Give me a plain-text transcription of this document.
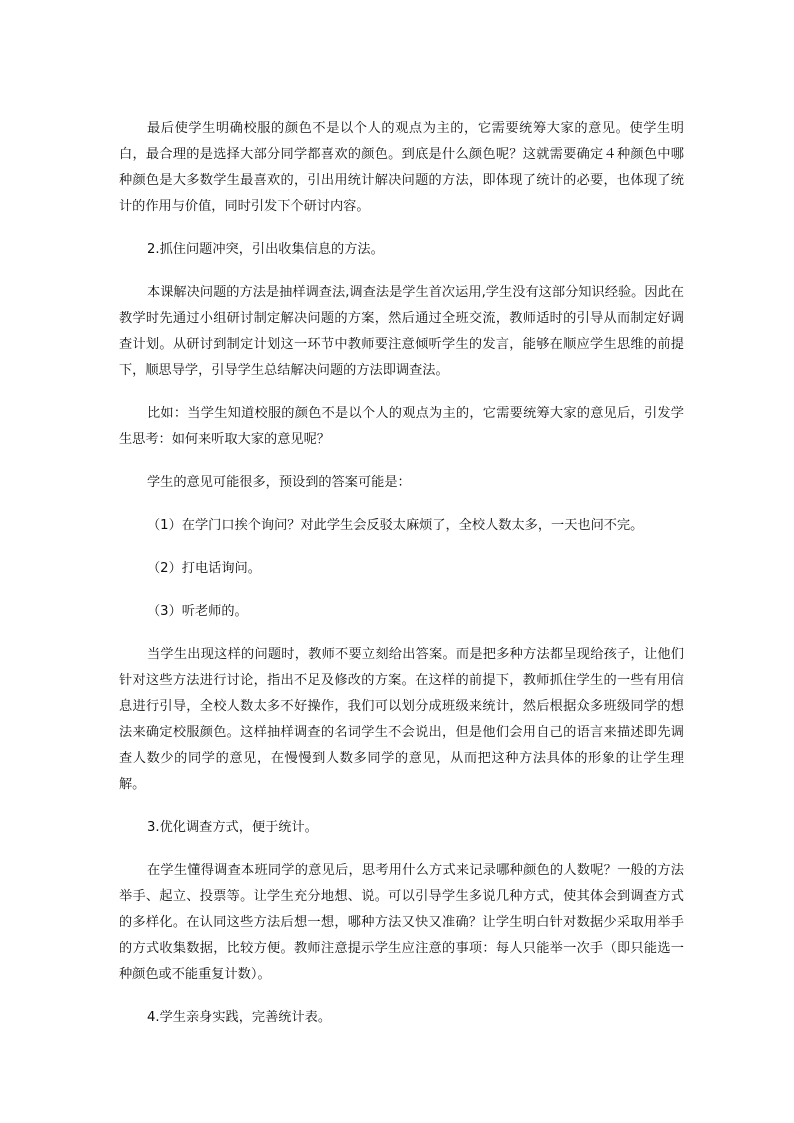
最后使学生明确校服的颜色不是以个人的观点为主的，它需要统筹大家的意见。使学生明白，最合理的是选择大部分同学都喜欢的颜色。到底是什么颜色呢？这就需要确定４种颜色中哪种颜色是大多数学生最喜欢的，引出用统计解决问题的方法，即体现了统计的必要，也体现了统计的作用与价值，同时引发下个研讨内容。

2.抓住问题冲突，引出收集信息的方法。

本课解决问题的方法是抽样调查法,调查法是学生首次运用,学生没有这部分知识经验。因此在教学时先通过小组研讨制定解决问题的方案，然后通过全班交流，教师适时的引导从而制定好调查计划。从研讨到制定计划这一环节中教师要注意倾听学生的发言，能够在顺应学生思维的前提下，顺思导学，引导学生总结解决问题的方法即调查法。

比如：当学生知道校服的颜色不是以个人的观点为主的，它需要统筹大家的意见后，引发学生思考：如何来听取大家的意见呢？

学生的意见可能很多，预设到的答案可能是：

（1）在学门口挨个询问？对此学生会反驳太麻烦了，全校人数太多，一天也问不完。

（2）打电话询问。

（3）听老师的。

当学生出现这样的问题时，教师不要立刻给出答案。而是把多种方法都呈现给孩子，让他们针对这些方法进行讨论，指出不足及修改的方案。在这样的前提下，教师抓住学生的一些有用信息进行引导，全校人数太多不好操作，我们可以划分成班级来统计，然后根据众多班级同学的想法来确定校服颜色。这样抽样调查的名词学生不会说出，但是他们会用自己的语言来描述即先调查人数少的同学的意见，在慢慢到人数多同学的意见，从而把这种方法具体的形象的让学生理解。

3.优化调查方式，便于统计。

在学生懂得调查本班同学的意见后，思考用什么方式来记录哪种颜色的人数呢？一般的方法举手、起立、投票等。让学生充分地想、说。可以引导学生多说几种方式，使其体会到调查方式的多样化。在认同这些方法后想一想，哪种方法又快又准确？让学生明白针对数据少采取用举手的方式收集数据，比较方便。教师注意提示学生应注意的事项：每人只能举一次手（即只能选一种颜色或不能重复计数）。

4.学生亲身实践，完善统计表。
